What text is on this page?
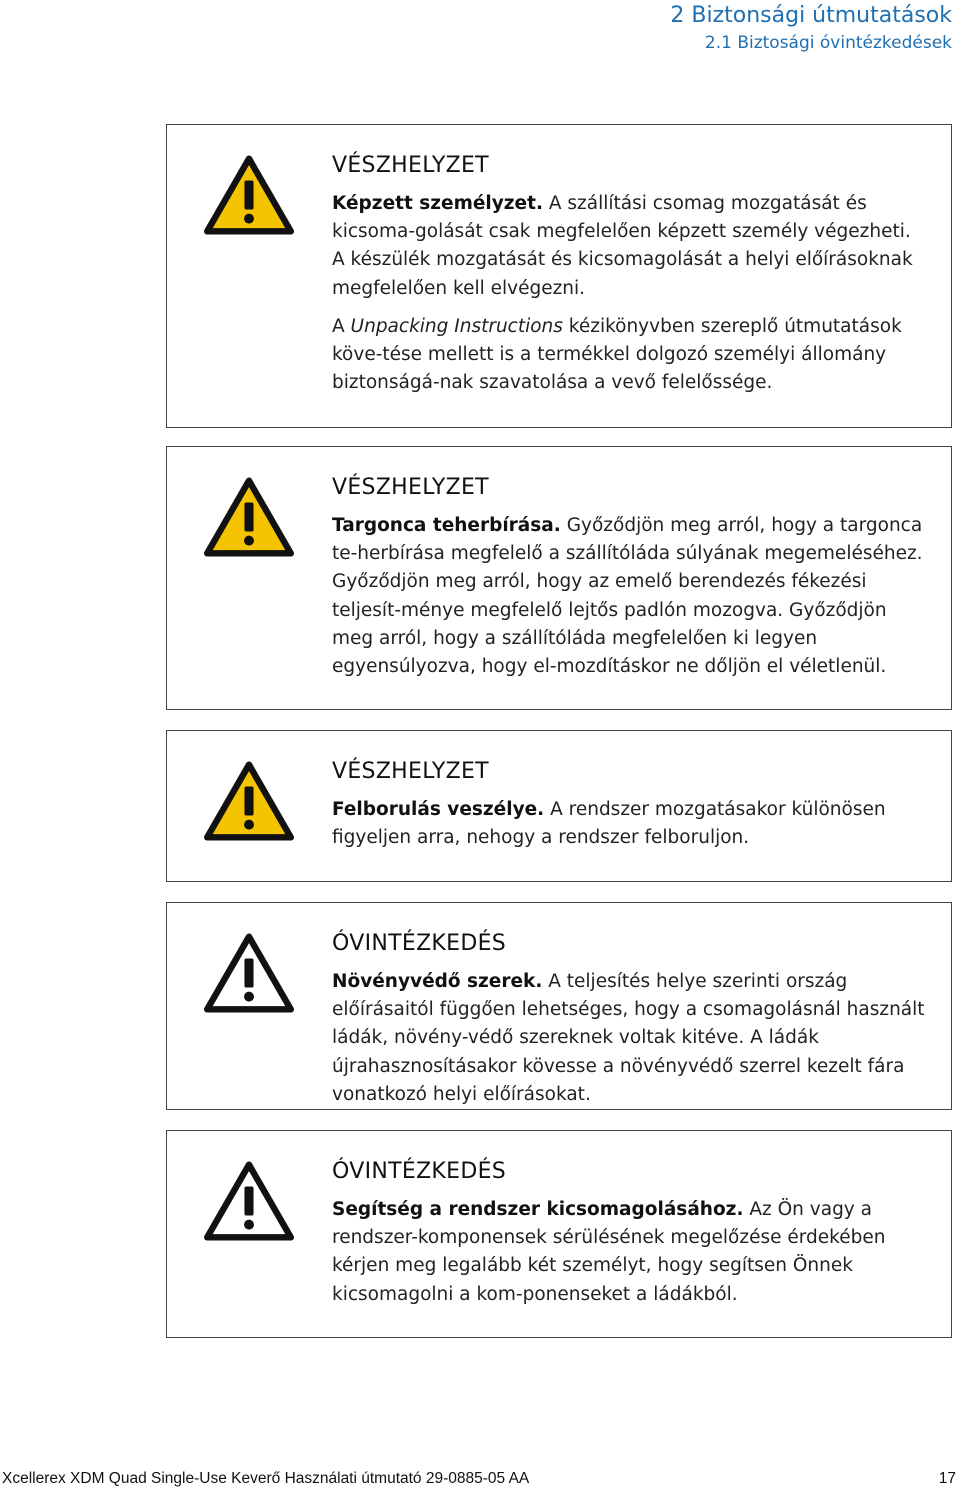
2 Biztonsági útmutatások
2.1 Biztosági óvintézkedések
VÉSZHELYZET
Képzett személyzet. A szállítási csomag mozgatását és kicsoma-golását csak megfelelően képzett személy végezheti. A készülék mozgatását és kicsomagolását a helyi előírásoknak megfelelően kell elvégezni.
A Unpacking Instructions kézikönyvben szereplő útmutatások köve-tése mellett is a termékkel dolgozó személyi állomány biztonságá-nak szavatolása a vevő felelőssége.
VÉSZHELYZET
Targonca teherbírása. Győződjön meg arról, hogy a targonca te-herbírása megfelelő a szállítóláda súlyának megemeléséhez. Győződjön meg arról, hogy az emelő berendezés fékezési teljesít-ménye megfelelő lejtős padlón mozogva. Győződjön meg arról, hogy a szállítóláda megfelelően ki legyen egyensúlyozva, hogy el-mozdításkor ne dőljön el véletlenül.
VÉSZHELYZET
Felborulás veszélye. A rendszer mozgatásakor különösen figyeljen arra, nehogy a rendszer felboruljon.
ÓVINTÉZKEDÉS
Növényvédő szerek. A teljesítés helye szerinti ország előírásaitól függően lehetséges, hogy a csomagolásnál használt ládák, növény-védő szereknek voltak kitéve. A ládák újrahasznosításakor kövesse a növényvédő szerrel kezelt fára vonatkozó helyi előírásokat.
ÓVINTÉZKEDÉS
Segítség a rendszer kicsomagolásához. Az Ön vagy a rendszer-komponensek sérülésének megelőzése érdekében kérjen meg legalább két személyt, hogy segítsen Önnek kicsomagolni a kom-ponenseket a ládákból.
Xcellerex XDM Quad Single-Use Keverő Használati útmutató 29-0885-05 AA	17
